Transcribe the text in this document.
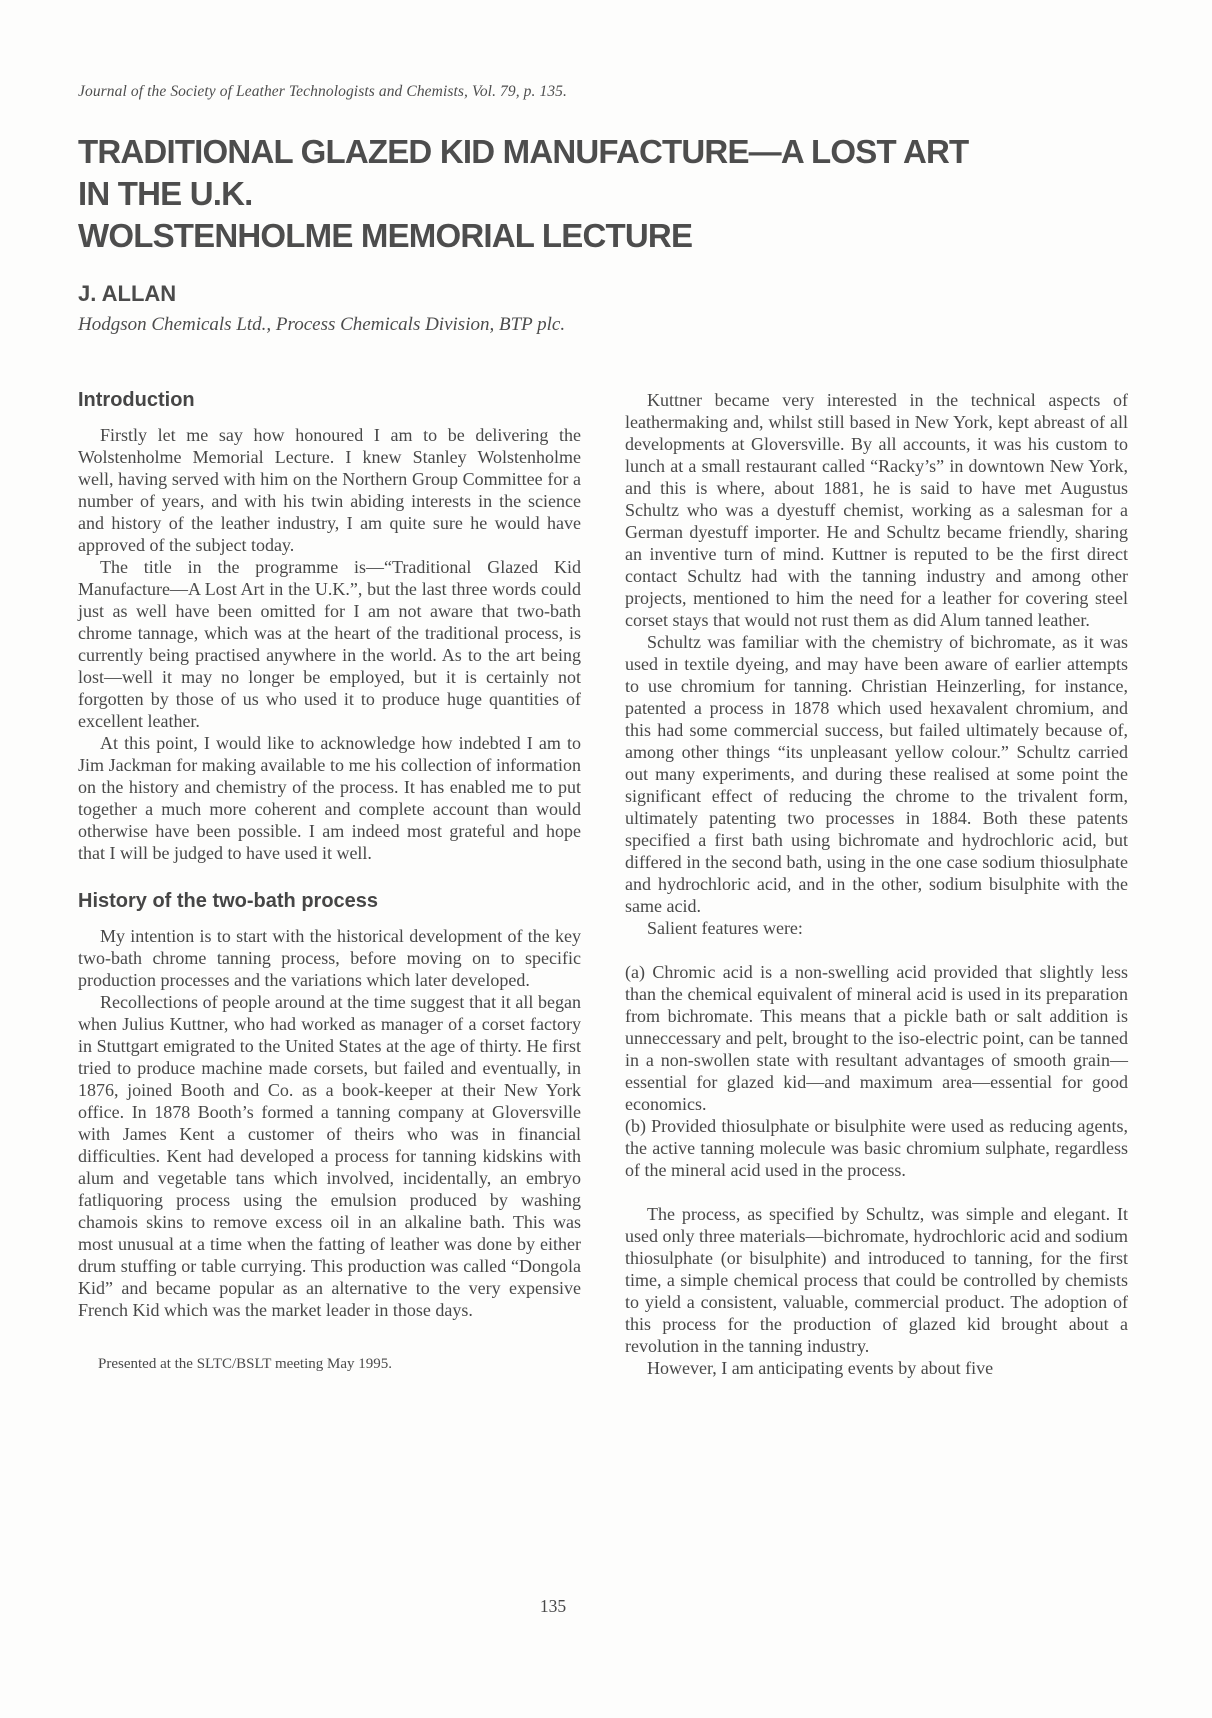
Journal of the Society of Leather Technologists and Chemists, Vol. 79, p. 135.
TRADITIONAL GLAZED KID MANUFACTURE—A LOST ART
IN THE U.K.
WOLSTENHOLME MEMORIAL LECTURE
J. ALLAN
Hodgson Chemicals Ltd., Process Chemicals Division, BTP plc.
Introduction

Firstly let me say how honoured I am to be delivering the Wolstenholme Memorial Lecture. I knew Stanley Wolstenholme well, having served with him on the Northern Group Committee for a number of years, and with his twin abiding interests in the science and history of the leather industry, I am quite sure he would have approved of the subject today.

The title in the programme is—“Traditional Glazed Kid Manufacture—A Lost Art in the U.K.”, but the last three words could just as well have been omitted for I am not aware that two-bath chrome tannage, which was at the heart of the traditional process, is currently being practised anywhere in the world. As to the art being lost—well it may no longer be employed, but it is certainly not forgotten by those of us who used it to produce huge quantities of excellent leather.

At this point, I would like to acknowledge how indebted I am to Jim Jackman for making available to me his collection of information on the history and chemistry of the process. It has enabled me to put together a much more coherent and complete account than would otherwise have been possible. I am indeed most grateful and hope that I will be judged to have used it well.

History of the two-bath process

My intention is to start with the historical development of the key two-bath chrome tanning process, before moving on to specific production processes and the variations which later developed.

Recollections of people around at the time suggest that it all began when Julius Kuttner, who had worked as manager of a corset factory in Stuttgart emigrated to the United States at the age of thirty. He first tried to produce machine made corsets, but failed and eventually, in 1876, joined Booth and Co. as a book-keeper at their New York office. In 1878 Booth’s formed a tanning company at Gloversville with James Kent a customer of theirs who was in financial difficulties. Kent had developed a process for tanning kidskins with alum and vegetable tans which involved, incidentally, an embryo fatliquoring process using the emulsion produced by washing chamois skins to remove excess oil in an alkaline bath. This was most unusual at a time when the fatting of leather was done by either drum stuffing or table currying. This production was called “Dongola Kid” and became popular as an alternative to the very expensive French Kid which was the market leader in those days.

Presented at the SLTC/BSLT meeting May 1995.

Kuttner became very interested in the technical aspects of leathermaking and, whilst still based in New York, kept abreast of all developments at Gloversville. By all accounts, it was his custom to lunch at a small restaurant called “Racky’s” in downtown New York, and this is where, about 1881, he is said to have met Augustus Schultz who was a dyestuff chemist, working as a salesman for a German dyestuff importer. He and Schultz became friendly, sharing an inventive turn of mind. Kuttner is reputed to be the first direct contact Schultz had with the tanning industry and among other projects, mentioned to him the need for a leather for covering steel corset stays that would not rust them as did Alum tanned leather.

Schultz was familiar with the chemistry of bichromate, as it was used in textile dyeing, and may have been aware of earlier attempts to use chromium for tanning. Christian Heinzerling, for instance, patented a process in 1878 which used hexavalent chromium, and this had some commercial success, but failed ultimately because of, among other things “its unpleasant yellow colour.” Schultz carried out many experiments, and during these realised at some point the significant effect of reducing the chrome to the trivalent form, ultimately patenting two processes in 1884. Both these patents specified a first bath using bichromate and hydrochloric acid, but differed in the second bath, using in the one case sodium thiosulphate and hydrochloric acid, and in the other, sodium bisulphite with the same acid.

Salient features were:

(a) Chromic acid is a non-swelling acid provided that slightly less than the chemical equivalent of mineral acid is used in its preparation from bichromate. This means that a pickle bath or salt addition is unneccessary and pelt, brought to the iso-electric point, can be tanned in a non-swollen state with resultant advantages of smooth grain—essential for glazed kid—and maximum area—essential for good economics.

(b) Provided thiosulphate or bisulphite were used as reducing agents, the active tanning molecule was basic chromium sulphate, regardless of the mineral acid used in the process.

The process, as specified by Schultz, was simple and elegant. It used only three materials—bichromate, hydrochloric acid and sodium thiosulphate (or bisulphite) and introduced to tanning, for the first time, a simple chemical process that could be controlled by chemists to yield a consistent, valuable, commercial product. The adoption of this process for the production of glazed kid brought about a revolution in the tanning industry.

However, I am anticipating events by about five

135
